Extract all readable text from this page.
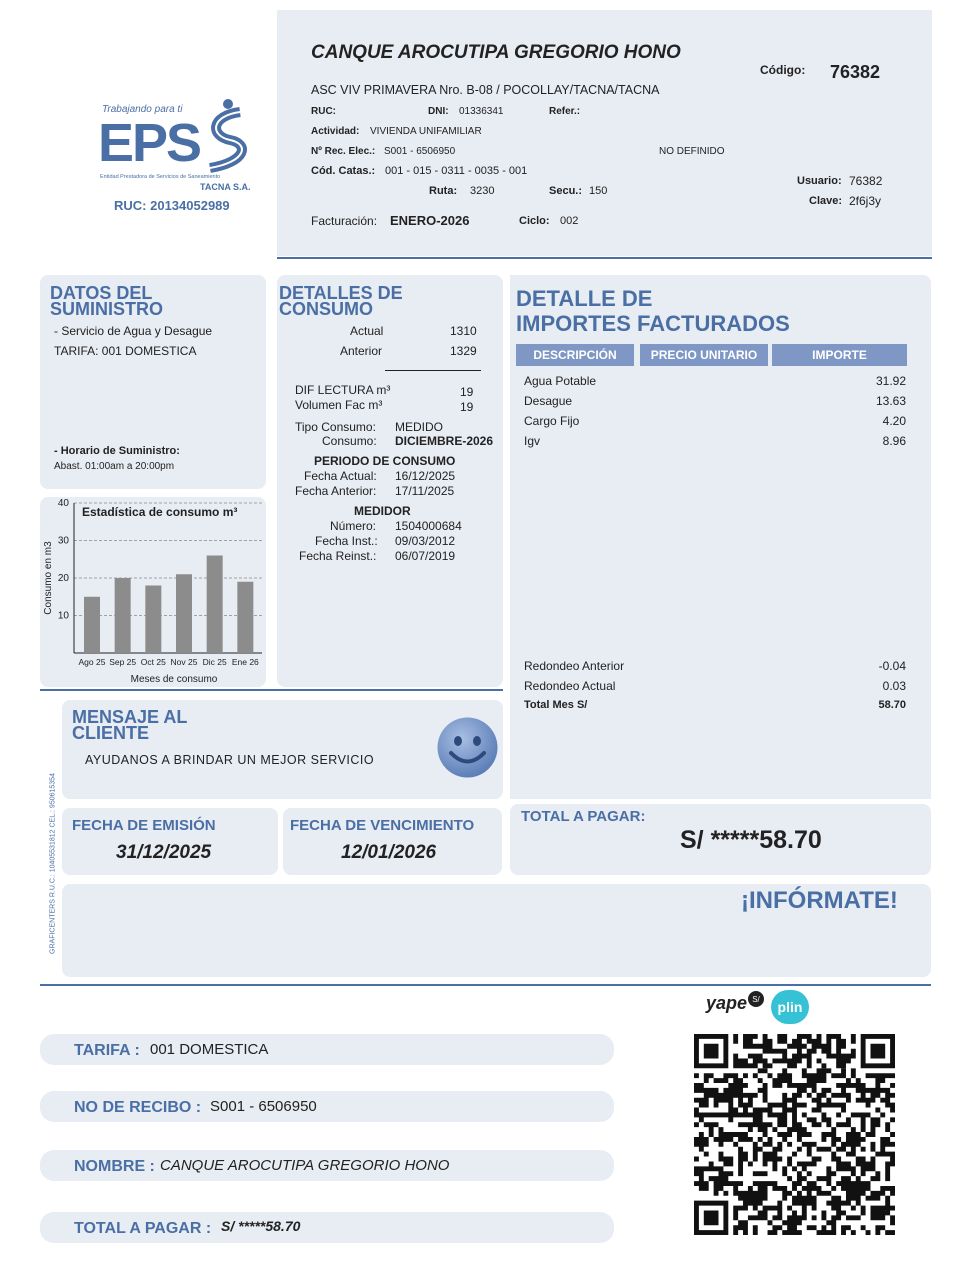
Trabajando para ti
EPS
Entidad Prestadora de Servicios de Saneamiento
TACNA S.A.
RUC: 20134052989
CANQUE AROCUTIPA GREGORIO HONO
Código: 76382
ASC VIV PRIMAVERA Nro. B-08 / POCOLLAY/TACNA/TACNA
RUC:	DNI: 01336341	Refer.:
Actividad: VIVIENDA UNIFAMILIAR
Nº Rec. Elec.: S001 - 6506950	NO DEFINIDO
Cód. Catas.: 001 - 015 - 0311 - 0035 - 001
Ruta: 3230	Secu.: 150
Usuario: 76382
Clave: 2f6j3y
Facturación: ENERO-2026	Ciclo: 002
DATOS DEL
SUMINISTRO
- Servicio de Agua y Desague
TARIFA: 001 DOMESTICA
- Horario de Suministro:
Abast. 01:00am a 20:00pm
10
20
30
40
Estadística de consumo m³
Ago 25 Sep 25 Oct 25 Nov 25 Dic 25 Ene 26
Meses de consumo
Consumo en m3
DETALLES DE
CONSUMO
Actual	1310
Anterior	1329
DIF LECTURA m³	19
Volumen Fac m³	19
Tipo Consumo: MEDIDO
Consumo: DICIEMBRE-2026
PERIODO DE CONSUMO
Fecha Actual: 16/12/2025
Fecha Anterior: 17/11/2025
MEDIDOR
Número: 1504000684
Fecha Inst.: 09/03/2012
Fecha Reinst.: 06/07/2019
DETALLE DE
IMPORTES FACTURADOS
DESCRIPCIÓN	PRECIO UNITARIO	IMPORTE
Agua Potable	31.92
Desague	13.63
Cargo Fijo	4.20
Igv	8.96
Redondeo Anterior	-0.04
Redondeo Actual	0.03
Total Mes S/	58.70
MENSAJE AL
CLIENTE
AYUDANOS A BRINDAR UN MEJOR SERVICIO
GRAFICENTERS R.U.C.: 10405531812 CEL.: 950615354 FECHA DE EMISIÓN
31/12/2025
FECHA DE VENCIMIENTO
12/01/2026
TOTAL A PAGAR:
S/ *****58.70
¡INFÓRMATE!
yape S/	plin
TARIFA : 001 DOMESTICA
NO DE RECIBO : S001 - 6506950
NOMBRE : CANQUE AROCUTIPA GREGORIO HONO
TOTAL A PAGAR : S/ *****58.70
